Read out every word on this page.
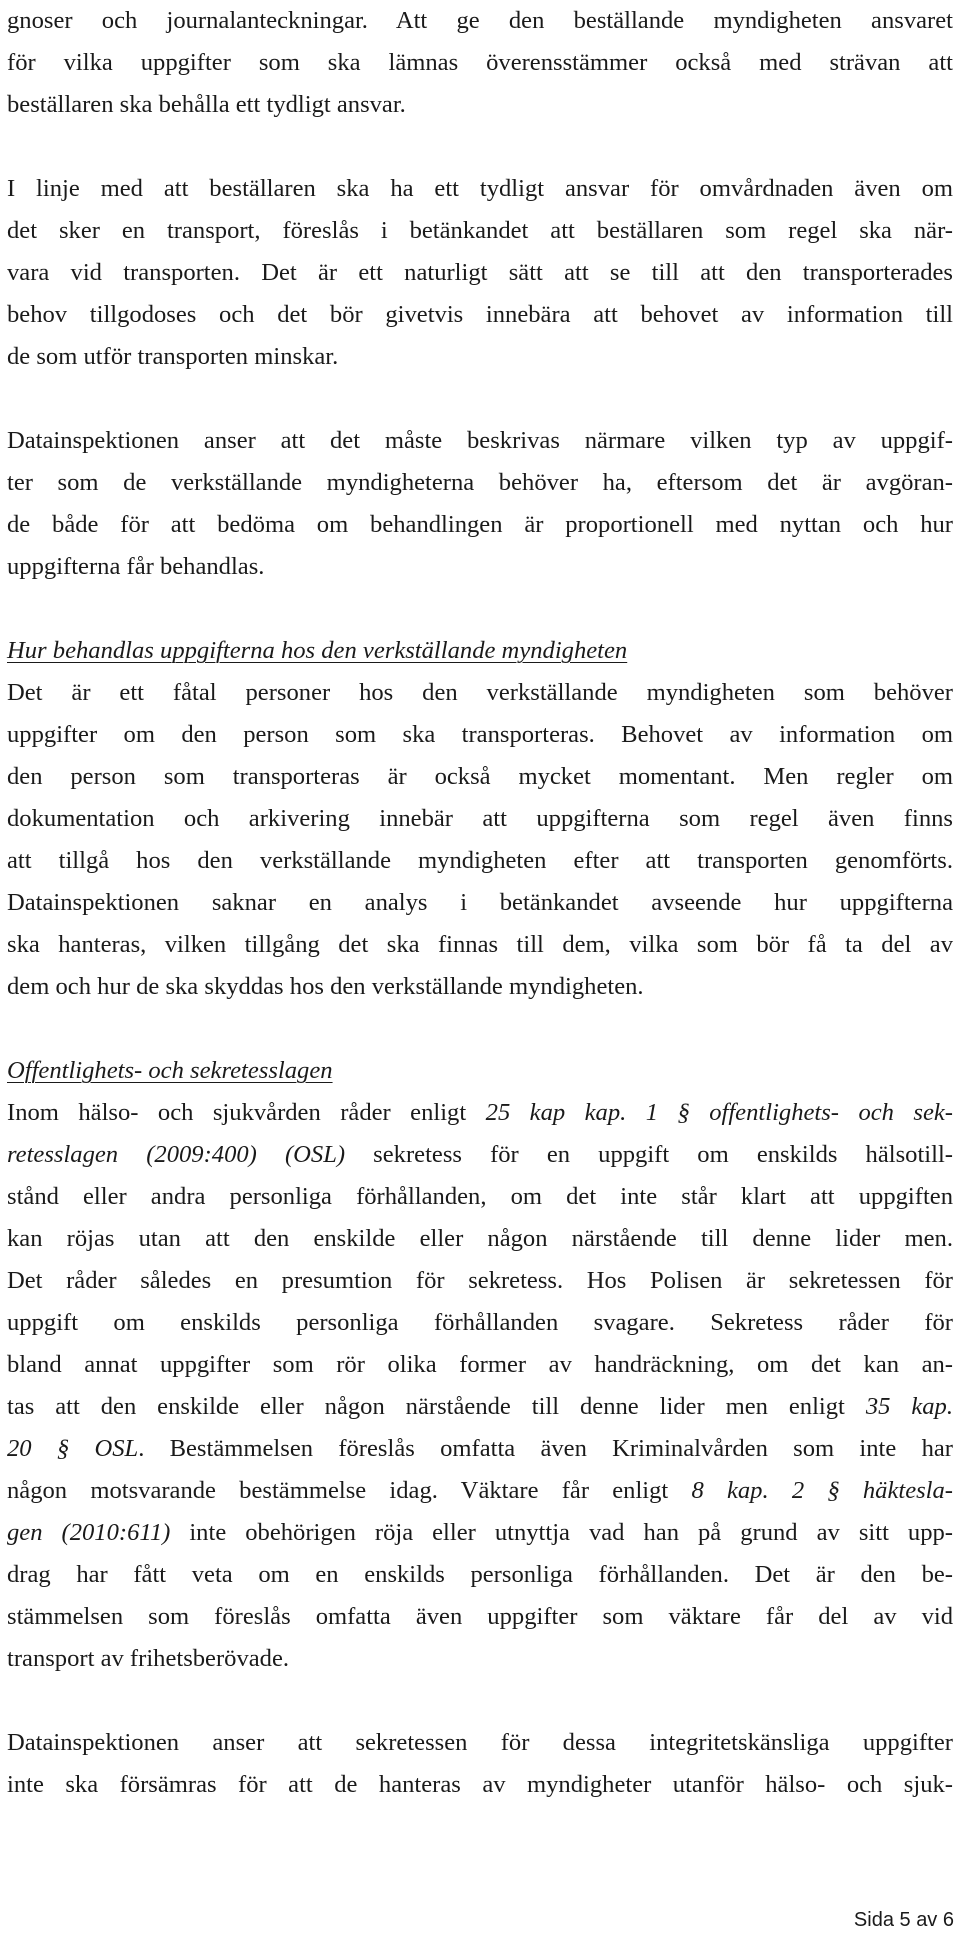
gnoser och journalanteckningar. Att ge den beställande myndigheten ansvaret
för vilka uppgifter som ska lämnas överensstämmer också med strävan att
beställaren ska behålla ett tydligt ansvar.
I linje med att beställaren ska ha ett tydligt ansvar för omvårdnaden även om
det sker en transport, föreslås i betänkandet att beställaren som regel ska när-
vara vid transporten. Det är ett naturligt sätt att se till att den transporterades
behov tillgodoses och det bör givetvis innebära att behovet av information till
de som utför transporten minskar.
Datainspektionen anser att det måste beskrivas närmare vilken typ av uppgif-
ter som de verkställande myndigheterna behöver ha, eftersom det är avgöran-
de både för att bedöma om behandlingen är proportionell med nyttan och hur
uppgifterna får behandlas.
Hur behandlas uppgifterna hos den verkställande myndigheten
Det är ett fåtal personer hos den verkställande myndigheten som behöver
uppgifter om den person som ska transporteras. Behovet av information om
den person som transporteras är också mycket momentant. Men regler om
dokumentation och arkivering innebär att uppgifterna som regel även finns
att tillgå hos den verkställande myndigheten efter att transporten genomförts.
Datainspektionen saknar en analys i betänkandet avseende hur uppgifterna
ska hanteras, vilken tillgång det ska finnas till dem, vilka som bör få ta del av
dem och hur de ska skyddas hos den verkställande myndigheten.
Offentlighets- och sekretesslagen
Inom hälso- och sjukvården råder enligt 25 kap kap. 1 § offentlighets- och sek-
retesslagen (2009:400) (OSL) sekretess för en uppgift om enskilds hälsotill-
stånd eller andra personliga förhållanden, om det inte står klart att uppgiften
kan röjas utan att den enskilde eller någon närstående till denne lider men.
Det råder således en presumtion för sekretess. Hos Polisen är sekretessen för
uppgift om enskilds personliga förhållanden svagare. Sekretess råder för
bland annat uppgifter som rör olika former av handräckning, om det kan an-
tas att den enskilde eller någon närstående till denne lider men enligt 35 kap.
20 § OSL. Bestämmelsen föreslås omfatta även Kriminalvården som inte har
någon motsvarande bestämmelse idag. Väktare får enligt 8 kap. 2 § häktesla-
gen (2010:611) inte obehörigen röja eller utnyttja vad han på grund av sitt upp-
drag har fått veta om en enskilds personliga förhållanden. Det är den be-
stämmelsen som föreslås omfatta även uppgifter som väktare får del av vid
transport av frihetsberövade.
Datainspektionen anser att sekretessen för dessa integritetskänsliga uppgifter
inte ska försämras för att de hanteras av myndigheter utanför hälso- och sjuk-
Sida 5 av 6
